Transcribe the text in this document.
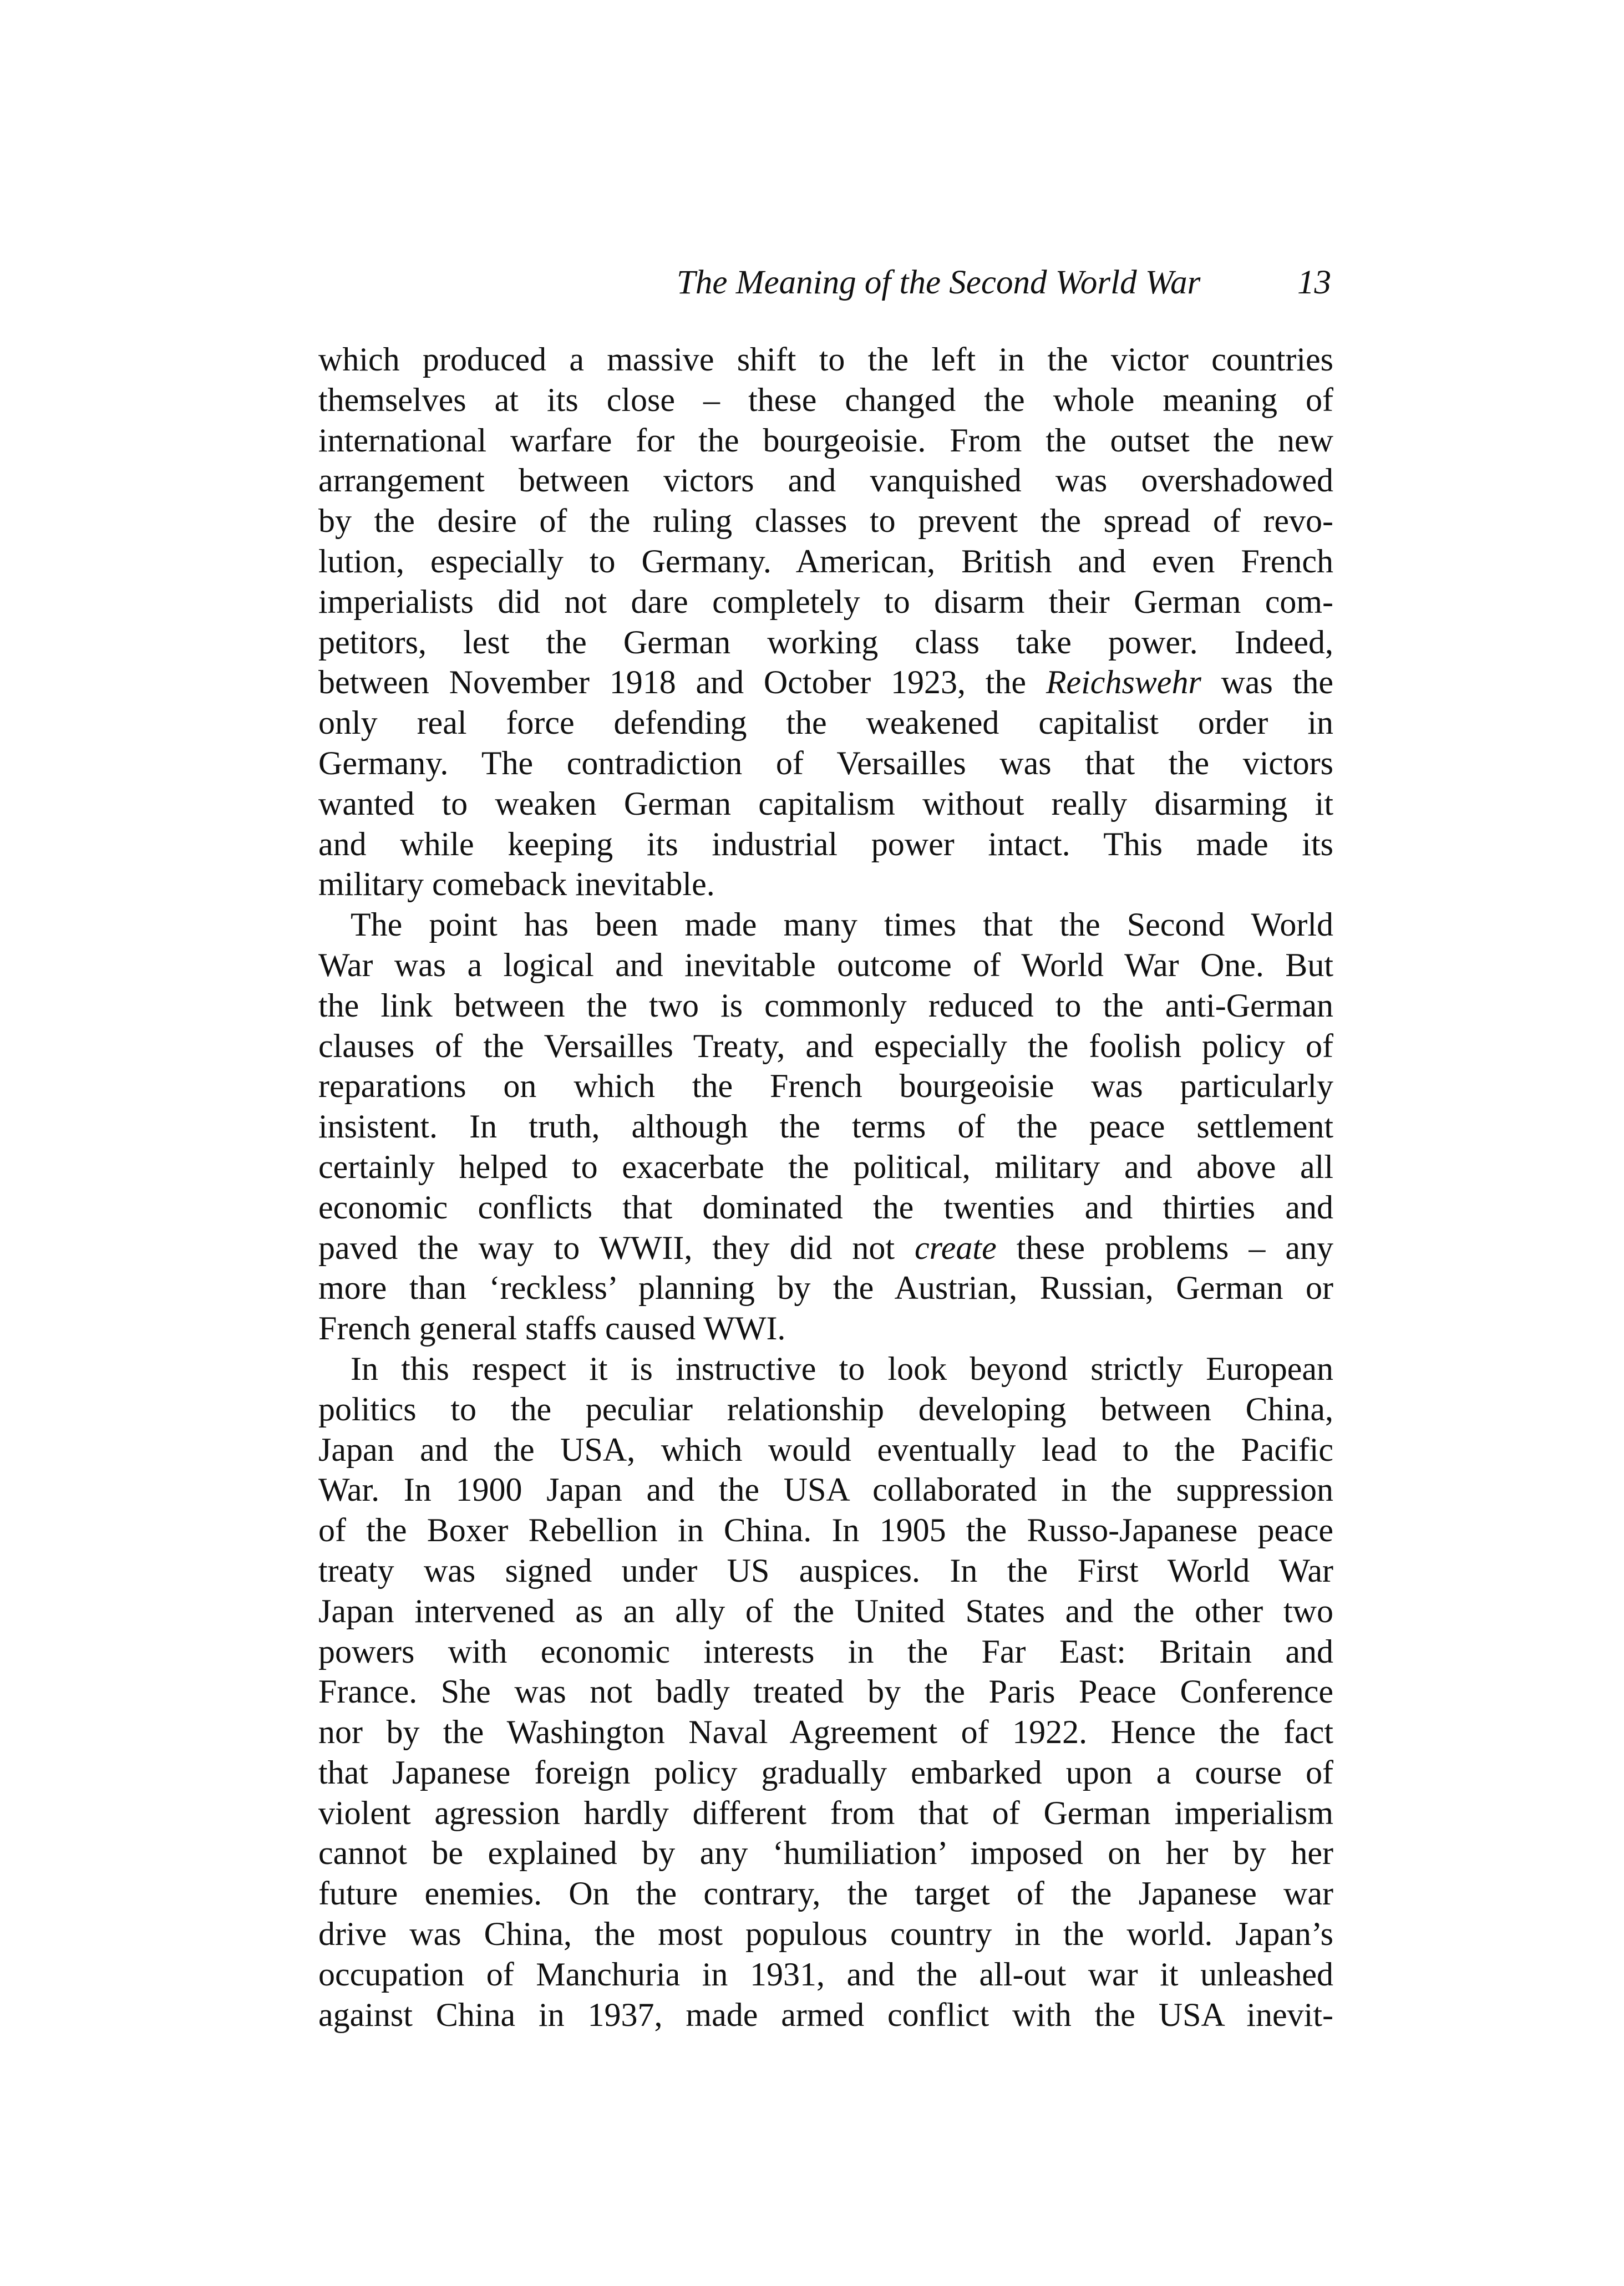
The Meaning of the Second World War	13
which produced a massive shift to the left in the victor countries
themselves at its close – these changed the whole meaning of
international warfare for the bourgeoisie. From the outset the new
arrangement between victors and vanquished was overshadowed
by the desire of the ruling classes to prevent the spread of revo-
lution, especially to Germany. American, British and even French
imperialists did not dare completely to disarm their German com-
petitors, lest the German working class take power. Indeed,
between November 1918 and October 1923, the Reichswehr was the
only real force defending the weakened capitalist order in
Germany. The contradiction of Versailles was that the victors
wanted to weaken German capitalism without really disarming it
and while keeping its industrial power intact. This made its
military comeback inevitable.
The point has been made many times that the Second World
War was a logical and inevitable outcome of World War One. But
the link between the two is commonly reduced to the anti-German
clauses of the Versailles Treaty, and especially the foolish policy of
reparations on which the French bourgeoisie was particularly
insistent. In truth, although the terms of the peace settlement
certainly helped to exacerbate the political, military and above all
economic conflicts that dominated the twenties and thirties and
paved the way to WWII, they did not create these problems – any
more than ‘reckless’ planning by the Austrian, Russian, German or
French general staffs caused WWI.
In this respect it is instructive to look beyond strictly European
politics to the peculiar relationship developing between China,
Japan and the USA, which would eventually lead to the Pacific
War. In 1900 Japan and the USA collaborated in the suppression
of the Boxer Rebellion in China. In 1905 the Russo-Japanese peace
treaty was signed under US auspices. In the First World War
Japan intervened as an ally of the United States and the other two
powers with economic interests in the Far East: Britain and
France. She was not badly treated by the Paris Peace Conference
nor by the Washington Naval Agreement of 1922. Hence the fact
that Japanese foreign policy gradually embarked upon a course of
violent agression hardly different from that of German imperialism
cannot be explained by any ‘humiliation’ imposed on her by her
future enemies. On the contrary, the target of the Japanese war
drive was China, the most populous country in the world. Japan’s
occupation of Manchuria in 1931, and the all-out war it unleashed
against China in 1937, made armed conflict with the USA inevit-
